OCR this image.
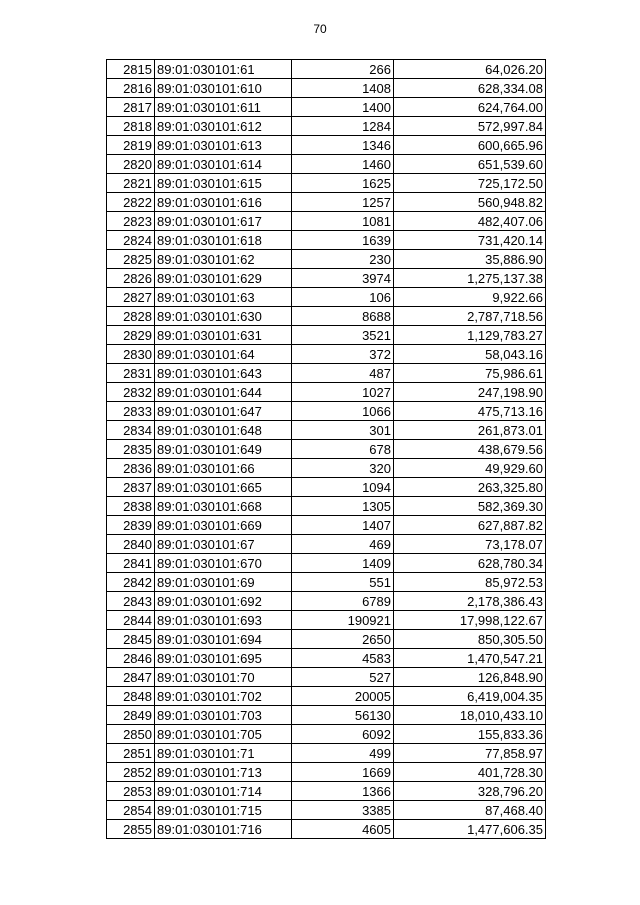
70
2815	89:01:030101:61	266	64,026.20
2816	89:01:030101:610	1408	628,334.08
2817	89:01:030101:611	1400	624,764.00
2818	89:01:030101:612	1284	572,997.84
2819	89:01:030101:613	1346	600,665.96
2820	89:01:030101:614	1460	651,539.60
2821	89:01:030101:615	1625	725,172.50
2822	89:01:030101:616	1257	560,948.82
2823	89:01:030101:617	1081	482,407.06
2824	89:01:030101:618	1639	731,420.14
2825	89:01:030101:62	230	35,886.90
2826	89:01:030101:629	3974	1,275,137.38
2827	89:01:030101:63	106	9,922.66
2828	89:01:030101:630	8688	2,787,718.56
2829	89:01:030101:631	3521	1,129,783.27
2830	89:01:030101:64	372	58,043.16
2831	89:01:030101:643	487	75,986.61
2832	89:01:030101:644	1027	247,198.90
2833	89:01:030101:647	1066	475,713.16
2834	89:01:030101:648	301	261,873.01
2835	89:01:030101:649	678	438,679.56
2836	89:01:030101:66	320	49,929.60
2837	89:01:030101:665	1094	263,325.80
2838	89:01:030101:668	1305	582,369.30
2839	89:01:030101:669	1407	627,887.82
2840	89:01:030101:67	469	73,178.07
2841	89:01:030101:670	1409	628,780.34
2842	89:01:030101:69	551	85,972.53
2843	89:01:030101:692	6789	2,178,386.43
2844	89:01:030101:693	190921	17,998,122.67
2845	89:01:030101:694	2650	850,305.50
2846	89:01:030101:695	4583	1,470,547.21
2847	89:01:030101:70	527	126,848.90
2848	89:01:030101:702	20005	6,419,004.35
2849	89:01:030101:703	56130	18,010,433.10
2850	89:01:030101:705	6092	155,833.36
2851	89:01:030101:71	499	77,858.97
2852	89:01:030101:713	1669	401,728.30
2853	89:01:030101:714	1366	328,796.20
2854	89:01:030101:715	3385	87,468.40
2855	89:01:030101:716	4605	1,477,606.35
